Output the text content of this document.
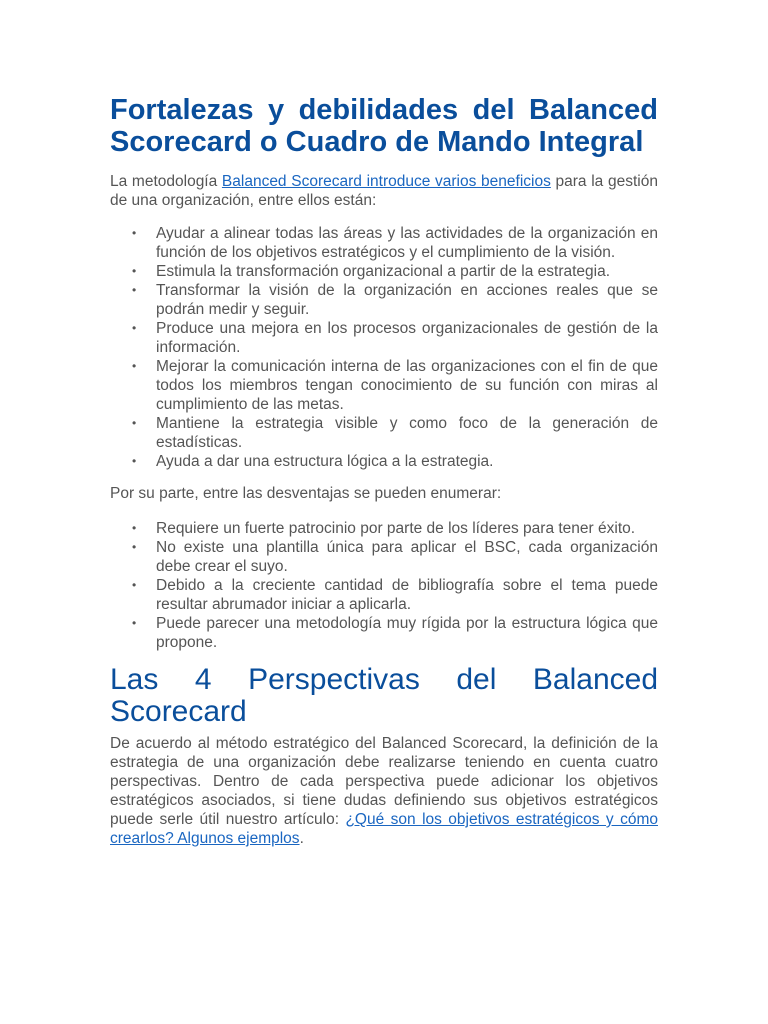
Fortalezas y debilidades del Balanced Scorecard o Cuadro de Mando Integral

La metodología Balanced Scorecard introduce varios beneficios para la gestión de una organización, entre ellos están:

• Ayudar a alinear todas las áreas y las actividades de la organización en función de los objetivos estratégicos y el cumplimiento de la visión.
• Estimula la transformación organizacional a partir de la estrategia.
• Transformar la visión de la organización en acciones reales que se podrán medir y seguir.
• Produce una mejora en los procesos organizacionales de gestión de la información.
• Mejorar la comunicación interna de las organizaciones con el fin de que todos los miembros tengan conocimiento de su función con miras al cumplimiento de las metas.
• Mantiene la estrategia visible y como foco de la generación de estadísticas.
• Ayuda a dar una estructura lógica a la estrategia.

Por su parte, entre las desventajas se pueden enumerar:

• Requiere un fuerte patrocinio por parte de los líderes para tener éxito.
• No existe una plantilla única para aplicar el BSC, cada organización debe crear el suyo.
• Debido a la creciente cantidad de bibliografía sobre el tema puede resultar abrumador iniciar a aplicarla.
• Puede parecer una metodología muy rígida por la estructura lógica que propone.
Las 4 Perspectivas del Balanced Scorecard

De acuerdo al método estratégico del Balanced Scorecard, la definición de la estrategia de una organización debe realizarse teniendo en cuenta cuatro perspectivas. Dentro de cada perspectiva puede adicionar los objetivos estratégicos asociados, si tiene dudas definiendo sus objetivos estratégicos puede serle útil nuestro artículo: ¿Qué son los objetivos estratégicos y cómo crearlos? Algunos ejemplos.
